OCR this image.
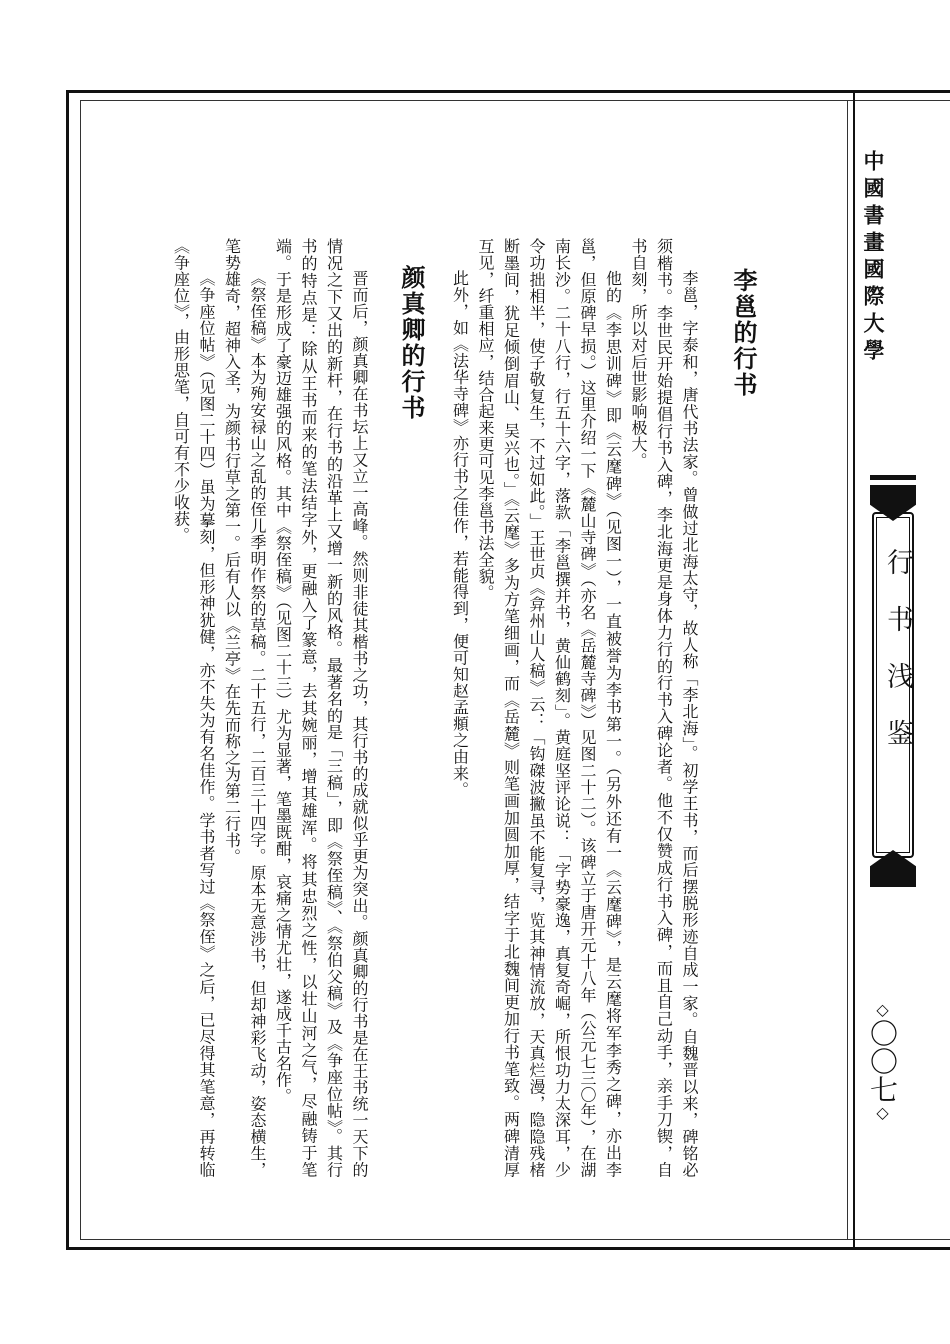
中國書畫國際大學
行书浅鉴
◇〇〇七◇
李邕的行书

李邕，字泰和，唐代书法家。曾做过北海太守，故人称「李北海」。初学王书，而后摆脱形迹自成一家。自魏晋以来，碑铭必须楷书。李世民开始提倡行书入碑，李北海更是身体力行的行书入碑论者。他不仅赞成行书入碑，而且自己动手，亲手刀锲，自书自刻，所以对后世影响极大。

他的《李思训碑》即《云麾碑》（见图一），一直被誉为李书第一。（另外还有一《云麾碑》，是云麾将军李秀之碑，亦出李邕，但原碑早损。）这里介绍一下《麓山寺碑》（亦名《岳麓寺碑》）见图二十二）。该碑立于唐开元十八年（公元七三〇年），在湖南长沙。二十八行，行五十六字，落款「李邕撰并书，黄仙鹤刻」。黄庭坚评论说：「字势豪逸，真复奇崛，所恨功力太深耳，少令功拙相半，使子敬复生，不过如此。」王世贞《弇州山人稿》云：「钩磔波撇虽不能复寻，览其神情流放，天真烂漫，隐隐残楮断墨间，犹足倾倒眉山、吴兴也。」《云麾》多为方笔细画，而《岳麓》则笔画加圆加厚，结字于北魏间更加行书笔致。两碑清厚互见，纤重相应，结合起来更可见李邕书法全貌。

此外，如《法华寺碑》亦行书之佳作，若能得到，便可知赵孟頫之由来。

颜真卿的行书

晋而后，颜真卿在书坛上又立一高峰。然则非徒其楷书之功，其行书的成就似乎更为突出。颜真卿的行书是在王书统一天下的情况之下又出的新杆，在行书的沿革上又增一新的风格。最著名的是「三稿」，即《祭侄稿》、《祭伯父稿》及《争座位帖》。其行书的特点是：除从王书而来的笔法结字外，更融入了篆意，去其婉丽，增其雄浑。将其忠烈之性，以壮山河之气，尽融铸于笔端。于是形成了豪迈雄强的风格。其中《祭侄稿》（见图二十三）尤为显著，笔墨既酣，哀痛之情尤壮，遂成千古名作。

《祭侄稿》本为殉安禄山之乱的侄儿季明作祭的草稿。二十五行，二百三十四字。原本无意涉书，但却神彩飞动，姿态横生，笔势雄奇，超神入圣，为颜书行草之第一。后有人以《兰亭》在先而称之为第二行书。

《争座位帖》（见图二十四）虽为摹刻，但形神犹健，亦不失为有名佳作。学书者写过《祭侄》之后，已尽得其笔意，再转临《争座位》，由形思笔，自可有不少收获。
